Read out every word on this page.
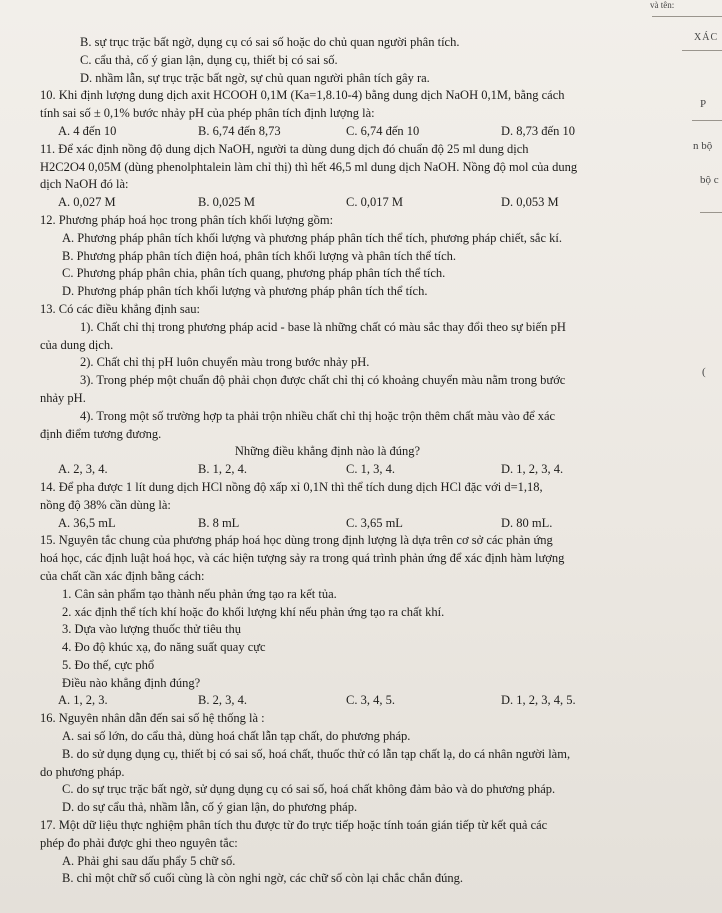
và tên:
XÁC
P
n bộ
bộ c
(
B. sự trục trặc bất ngờ, dụng cụ có sai số hoặc do chủ quan người phân tích.
C. cẩu thả, cố ý gian lận, dụng cụ, thiết bị có sai số.
D. nhầm lẫn, sự trục trặc bất ngờ, sự chủ quan người phân tích gây ra.
10. Khi định lượng dung dịch axit HCOOH 0,1M (Ka=1,8.10-4) bằng dung dịch NaOH 0,1M, bằng cách
tính sai số ± 0,1% bước nhảy pH của phép phân tích định lượng là:
A. 4 đến 10	B. 6,74 đến 8,73	C. 6,74 đến 10	D. 8,73 đến 10
11. Để xác định nồng độ dung dịch NaOH, người ta dùng dung dịch đó chuẩn độ 25 ml dung dịch
H2C2O4 0,05M (dùng phenolphtalein làm chỉ thị) thì hết 46,5 ml dung dịch NaOH. Nồng độ mol của dung
dịch NaOH đó là:
A. 0,027 M	B. 0,025 M	C. 0,017 M	D. 0,053 M
12. Phương pháp hoá học trong phân tích khối lượng gồm:
A. Phương pháp phân tích khối lượng và phương pháp phân tích thể tích, phương pháp chiết, sắc kí.
B. Phương pháp phân tích điện hoá, phân tích khối lượng và phân tích thể tích.
C. Phương pháp phân chia, phân tích quang, phương pháp phân tích thể tích.
D. Phương pháp phân tích khối lượng và phương pháp phân tích thể tích.
13. Có các điều khẳng định sau:
1). Chất chỉ thị trong phương pháp acid - base là những chất có màu sắc thay đổi theo sự biến pH
của dung dịch.
2). Chất chỉ thị pH luôn chuyển màu trong bước nhảy pH.
3). Trong phép một chuẩn độ phải chọn được chất chỉ thị có khoảng chuyển màu nằm trong bước
nhảy pH.
4). Trong một số trường hợp ta phải trộn nhiều chất chỉ thị hoặc trộn thêm chất màu vào để xác
định điểm tương đương.
Những điều khẳng định nào là đúng?
A. 2, 3, 4.	B. 1, 2, 4.	C. 1, 3, 4.	D. 1, 2, 3, 4.
14. Để pha được 1 lít dung dịch HCl nồng độ xấp xỉ 0,1N thì thể tích dung dịch HCl đặc với d=1,18,
nồng độ 38% cần dùng là:
A. 36,5 mL	B. 8 mL	C. 3,65 mL	D. 80 mL.
15. Nguyên tắc chung của phương pháp hoá học dùng trong định lượng là dựa trên cơ sở các phản ứng
hoá học, các định luật hoá học, và các hiện tượng sảy ra trong quá trình phản ứng để xác định hàm lượng
của chất cần xác định bằng cách:
1. Cân sản phẩm tạo thành nếu phản ứng tạo ra kết tủa.
2. xác định thể tích khí hoặc đo khối lượng khí nếu phản ứng tạo ra chất khí.
3. Dựa vào lượng thuốc thử tiêu thụ
4. Đo độ khúc xạ, đo năng suất quay cực
5. Đo thế, cực phổ
Điều nào khẳng định đúng?
A. 1, 2, 3.	B. 2, 3, 4.	C. 3, 4, 5.	D. 1, 2, 3, 4, 5.
16. Nguyên nhân dẫn đến sai số hệ thống là :
A. sai số lớn, do cẩu thả, dùng hoá chất lẫn tạp chất, do phương pháp.
B. do sử dụng dụng cụ, thiết bị có sai số, hoá chất, thuốc thử có lẫn tạp chất lạ, do cá nhân người làm,
do phương pháp.
C. do sự trục trặc bất ngờ, sử dụng dụng cụ có sai số, hoá chất không đảm bảo và do phương pháp.
D. do sự cẩu thả, nhầm lẫn, cố ý gian lận, do phương pháp.
17. Một dữ liệu thực nghiệm phân tích thu được từ đo trực tiếp hoặc tính toán gián tiếp từ kết quả các
phép đo phải được ghi theo nguyên tắc:
A. Phải ghi sau dấu phẩy 5 chữ số.
B. chỉ một chữ số cuối cùng là còn nghi ngờ, các chữ số còn lại chắc chắn đúng.
